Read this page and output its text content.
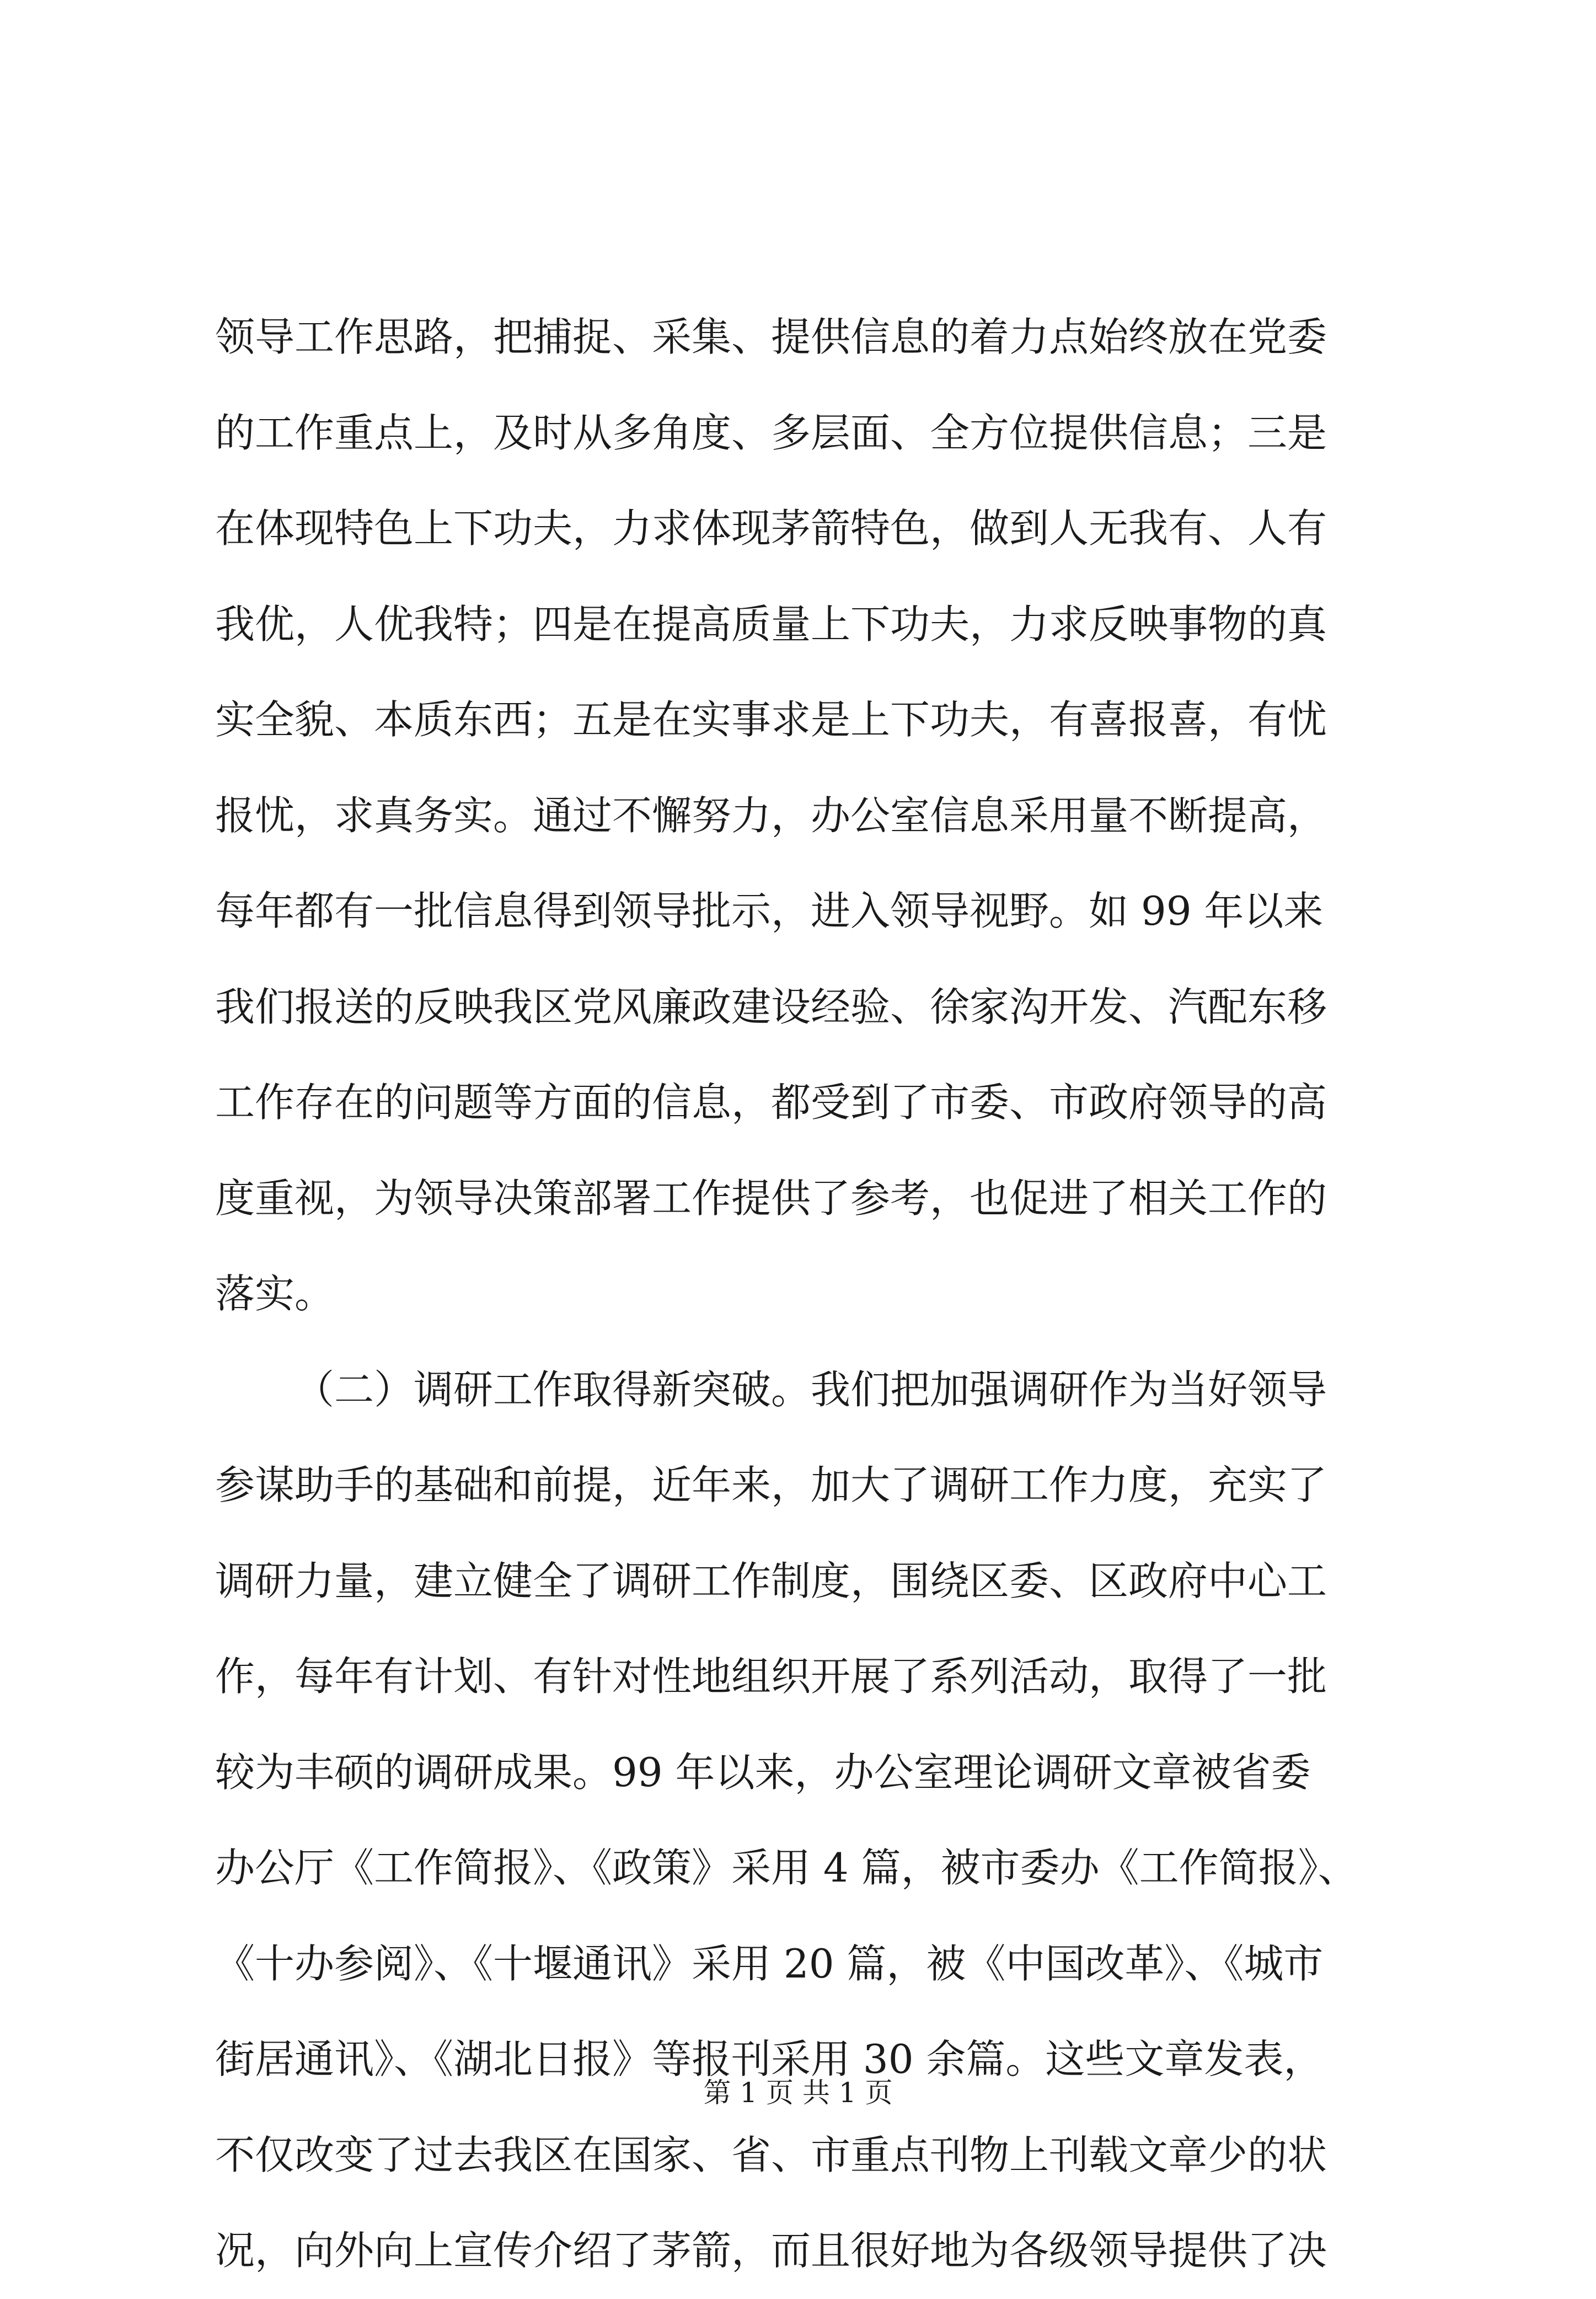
领导工作思路，把捕捉、采集、提供信息的着力点始终放在党委
的工作重点上，及时从多角度、多层面、全方位提供信息；三是
在体现特色上下功夫，力求体现茅箭特色，做到人无我有、人有
我优，人优我特；四是在提高质量上下功夫，力求反映事物的真
实全貌、本质东西；五是在实事求是上下功夫，有喜报喜，有忧
报忧，求真务实。通过不懈努力，办公室信息采用量不断提高，
每年都有一批信息得到领导批示，进入领导视野。如 99 年以来
我们报送的反映我区党风廉政建设经验、徐家沟开发、汽配东移
工作存在的问题等方面的信息，都受到了市委、市政府领导的高
度重视，为领导决策部署工作提供了参考，也促进了相关工作的
落实。
（二）调研工作取得新突破。我们把加强调研作为当好领导
参谋助手的基础和前提，近年来，加大了调研工作力度，充实了
调研力量，建立健全了调研工作制度，围绕区委、区政府中心工
作，每年有计划、有针对性地组织开展了系列活动，取得了一批
较为丰硕的调研成果。99 年以来，办公室理论调研文章被省委
办公厅《工作简报》、《政策》采用 4 篇，被市委办《工作简报》、
《十办参阅》、《十堰通讯》采用 20 篇，被《中国改革》、《城市
街居通讯》、《湖北日报》等报刊采用 30 余篇。这些文章发表，
不仅改变了过去我区在国家、省、市重点刊物上刊载文章少的状
况，向外向上宣传介绍了茅箭，而且很好地为各级领导提供了决
第 1 页 共 1 页
